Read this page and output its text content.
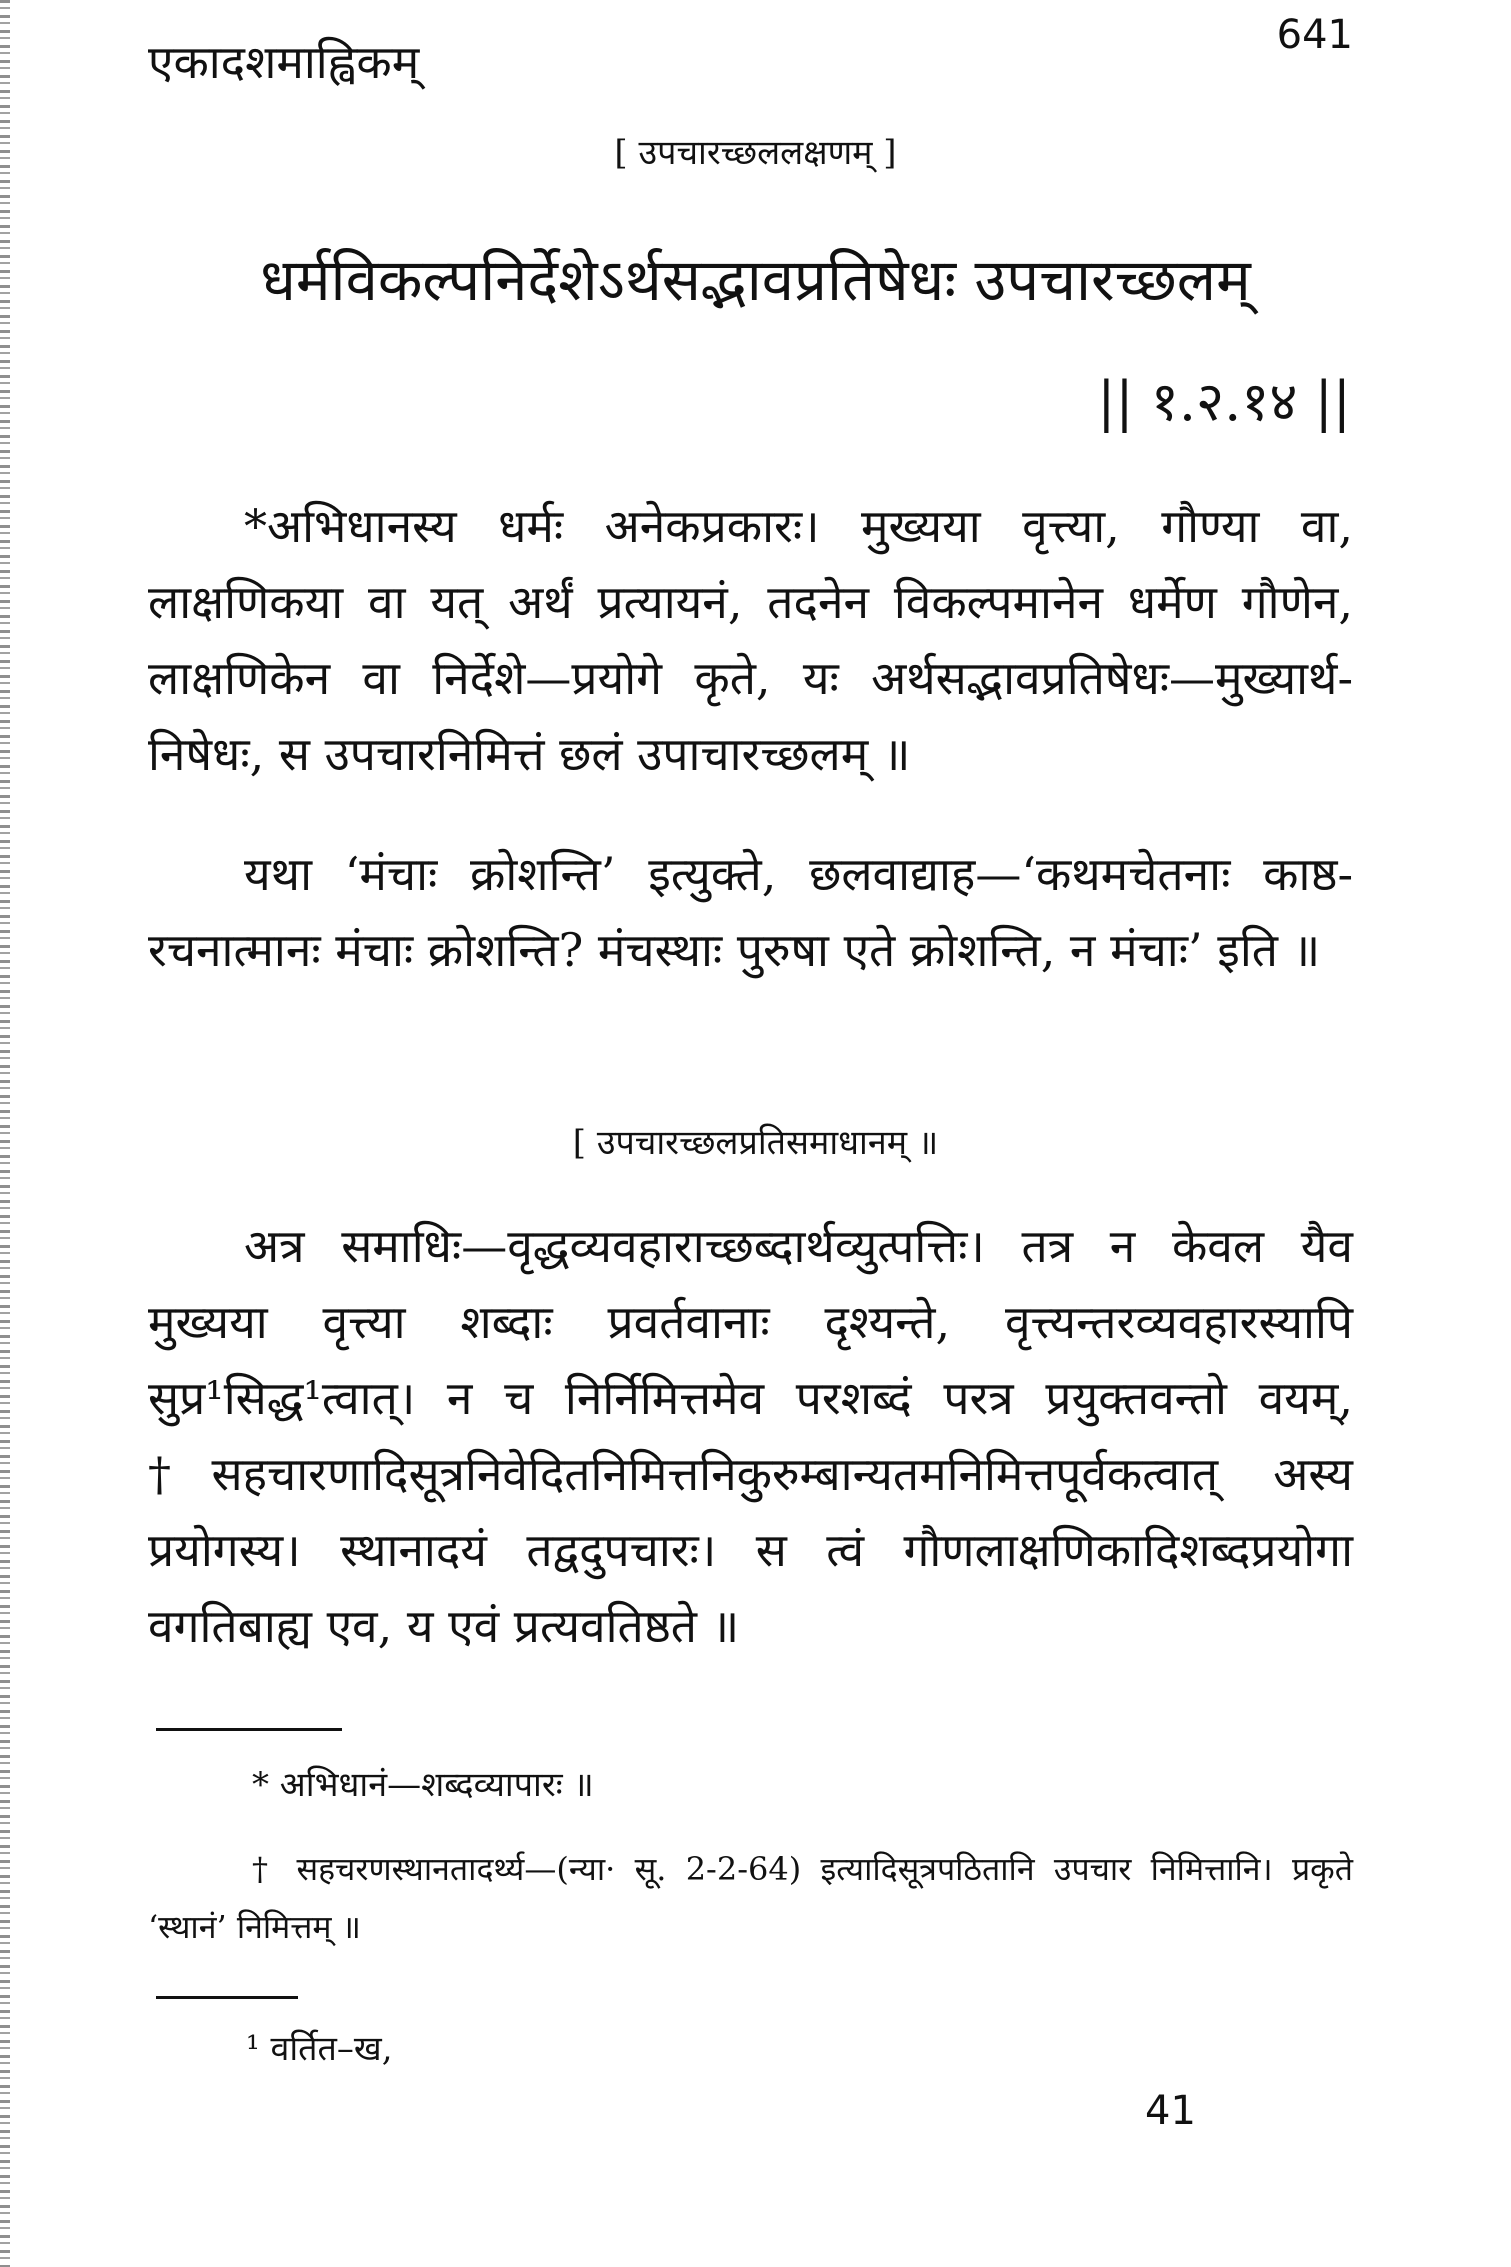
एकादशमाह्विकम्	641
[ उपचारच्छललक्षणम् ]
धर्मविकल्पनिर्देशेऽर्थसद्भावप्रतिषेधः उपचारच्छलम्
|| १.२.१४ ||
*अभिधानस्य धर्मः अनेकप्रकारः। मुख्यया वृत्त्या, गौण्या वा, लाक्षणिकया वा यत् अर्थं प्रत्यायनं, तदनेन विकल्पमानेन धर्मेण गौणेन, लाक्षणिकेन वा निर्देशे—प्रयोगे कृते, यः अर्थसद्भावप्रतिषेधः—मुख्यार्थ-निषेधः, स उपचारनिमित्तं छलं उपाचारच्छलम् ॥
यथा ‘मंचाः क्रोशन्ति’ इत्युक्ते, छलवाद्याह—‘कथमचेतनाः काष्ठ-रचनात्मानः मंचाः क्रोशन्ति? मंचस्थाः पुरुषा एते क्रोशन्ति, न मंचाः’ इति ॥
[ उपचारच्छलप्रतिसमाधानम् ॥
अत्र समाधिः—वृद्धव्यवहाराच्छब्दार्थव्युत्पत्तिः। तत्र न केवल यैव मुख्यया वृत्त्या शब्दाः प्रवर्तवानाः दृश्यन्ते, वृत्त्यन्तरव्यवहारस्यापि सुप्र¹सिद्ध¹त्वात्। न च निर्निमित्तमेव परशब्दं परत्र प्रयुक्तवन्तो वयम्, †सहचारणादिसूत्रनिवेदितनिमित्तनिकुरुम्बान्यतमनिमित्तपूर्वकत्वात् अस्य प्रयोगस्य। स्थानादयं तद्वदुपचारः। स त्वं गौणलाक्षणिकादिशब्दप्रयोगा वगतिबाह्य एव, य एवं प्रत्यवतिष्ठते ॥
* अभिधानं—शब्दव्यापारः ॥
† सहचरणस्थानतादर्थ्य—(न्या· सू. 2-2-64) इत्यादिसूत्रपठितानि उपचार निमित्तानि। प्रकृते ‘स्थानं’ निमित्तम् ॥
¹ वर्तित–ख,
41
